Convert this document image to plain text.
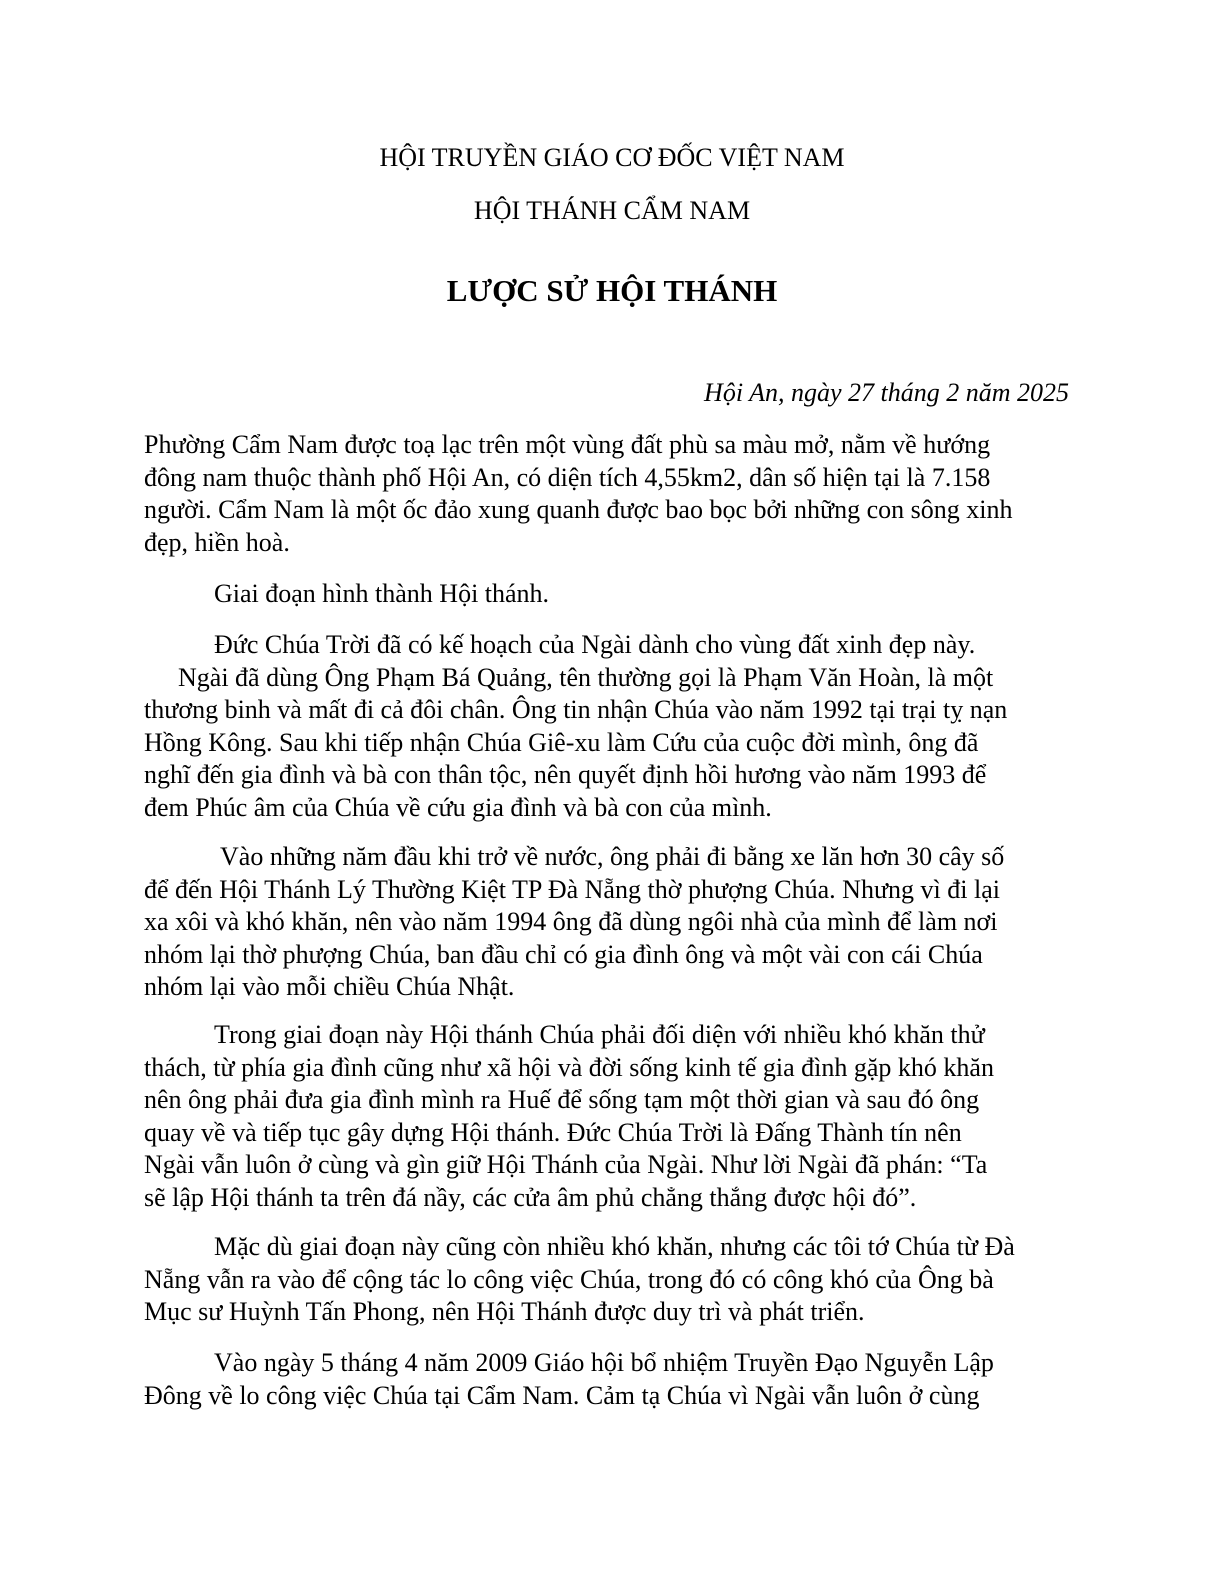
HỘI TRUYỀN GIÁO CƠ ĐỐC VIỆT NAM
HỘI THÁNH CẨM NAM
LƯỢC SỬ HỘI THÁNH
Hội An, ngày 27 tháng 2 năm 2025

Phường Cẩm Nam được toạ lạc trên một vùng đất phù sa màu mở, nằm về hướng
đông nam thuộc thành phố Hội An, có diện tích 4,55km2, dân số hiện tại là 7.158
người. Cẩm Nam là một ốc đảo xung quanh được bao bọc bởi những con sông xinh
đẹp, hiền hoà.

Giai đoạn hình thành Hội thánh.

Đức Chúa Trời đã có kế hoạch của Ngài dành cho vùng đất xinh đẹp này.
Ngài đã dùng Ông Phạm Bá Quảng, tên thường gọi là Phạm Văn Hoàn, là một
thương binh và mất đi cả đôi chân. Ông tin nhận Chúa vào năm 1992 tại trại tỵ nạn
Hồng Kông. Sau khi tiếp nhận Chúa Giê-xu làm Cứu của cuộc đời mình, ông đã
nghĩ đến gia đình và bà con thân tộc, nên quyết định hồi hương vào năm 1993 để
đem Phúc âm của Chúa về cứu gia đình và bà con của mình.

Vào những năm đầu khi trở về nước, ông phải đi bằng xe lăn hơn 30 cây số
để đến Hội Thánh Lý Thường Kiệt TP Đà Nẵng thờ phượng Chúa. Nhưng vì đi lại
xa xôi và khó khăn, nên vào năm 1994 ông đã dùng ngôi nhà của mình để làm nơi
nhóm lại thờ phượng Chúa, ban đầu chỉ có gia đình ông và một vài con cái Chúa
nhóm lại vào mỗi chiều Chúa Nhật.

Trong giai đoạn này Hội thánh Chúa phải đối diện với nhiều khó khăn thử
thách, từ phía gia đình cũng như xã hội và đời sống kinh tế gia đình gặp khó khăn
nên ông phải đưa gia đình mình ra Huế để sống tạm một thời gian và sau đó ông
quay về và tiếp tục gây dựng Hội thánh. Đức Chúa Trời là Đấng Thành tín nên
Ngài vẫn luôn ở cùng và gìn giữ Hội Thánh của Ngài. Như lời Ngài đã phán: “Ta
sẽ lập Hội thánh ta trên đá nầy, các cửa âm phủ chẳng thắng được hội đó”.

Mặc dù giai đoạn này cũng còn nhiều khó khăn, nhưng các tôi tớ Chúa từ Đà
Nẵng vẫn ra vào để cộng tác lo công việc Chúa, trong đó có công khó của Ông bà
Mục sư Huỳnh Tấn Phong, nên Hội Thánh được duy trì và phát triển.

Vào ngày 5 tháng 4 năm 2009 Giáo hội bổ nhiệm Truyền Đạo Nguyễn Lập
Đông về lo công việc Chúa tại Cẩm Nam. Cảm tạ Chúa vì Ngài vẫn luôn ở cùng
